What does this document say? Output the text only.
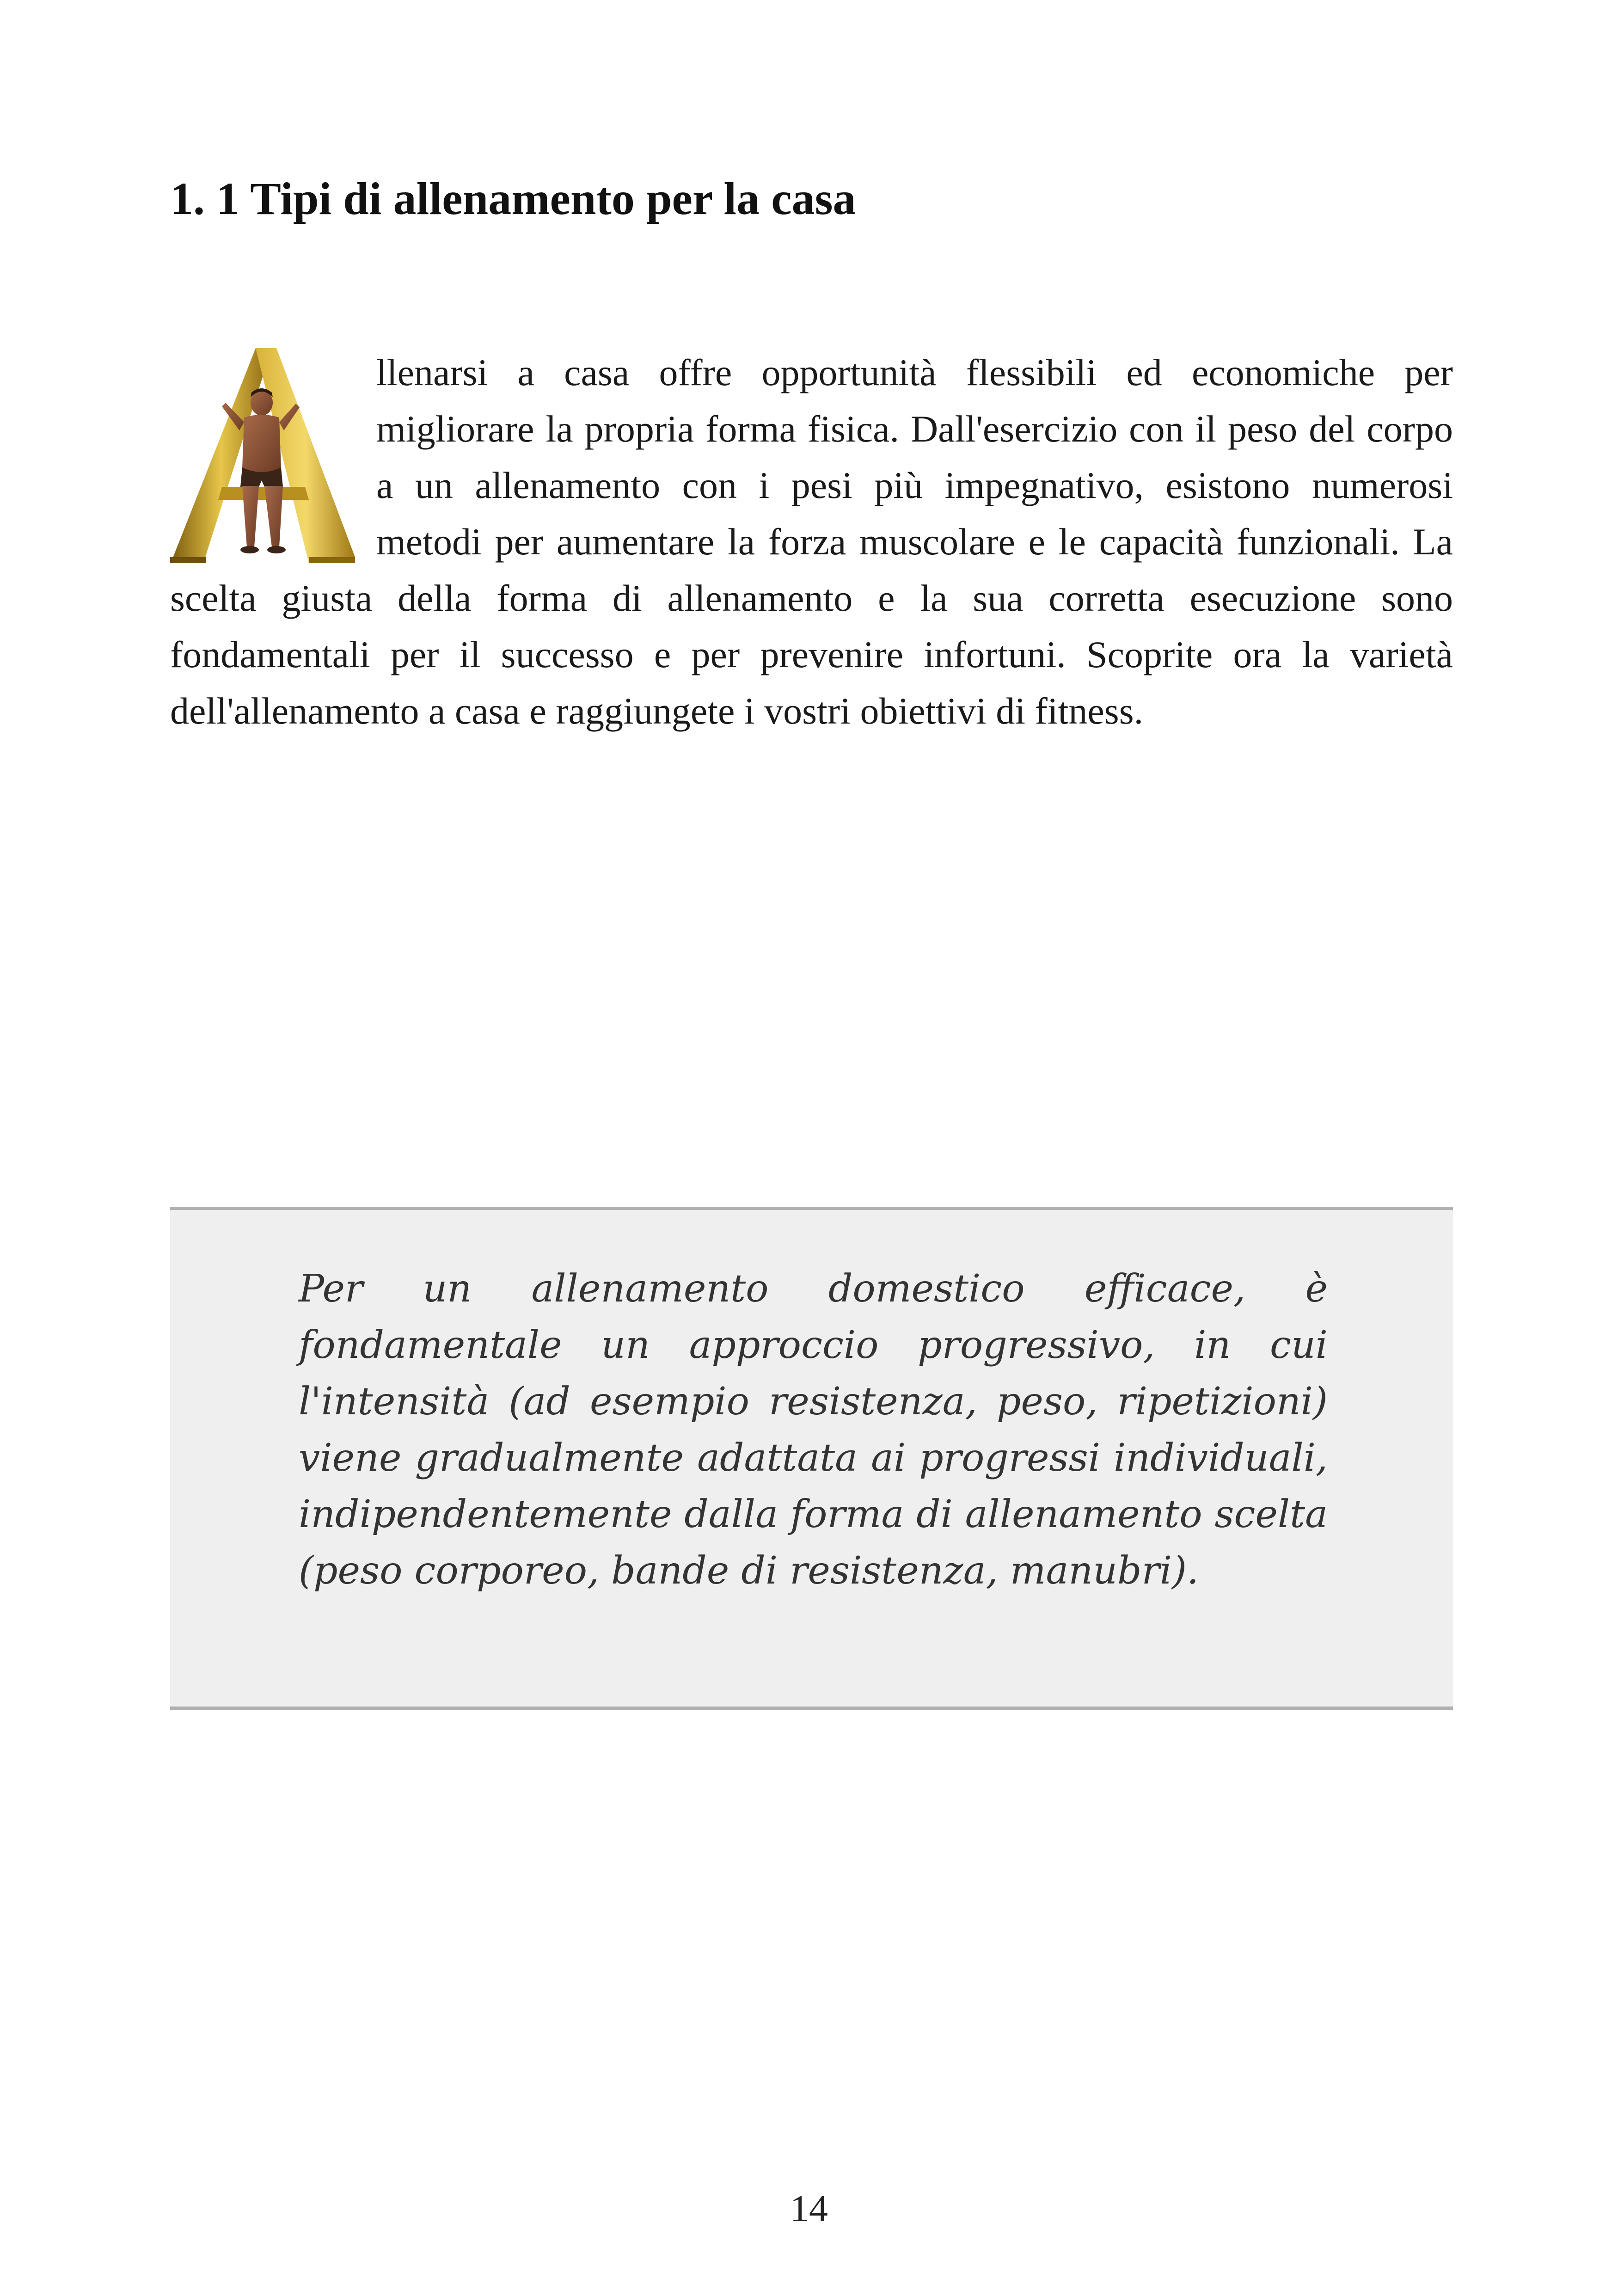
1. 1 Tipi di allenamento per la casa

llenarsi a casa offre opportunità flessibili ed economiche per migliorare la propria forma fisica. Dall'esercizio con il peso del corpo a un allenamento con i pesi più impegnativo, esistono numerosi metodi per aumentare la forza muscolare e le capacità funzionali. La scelta giusta della forma di allenamento e la sua corretta esecuzione sono fondamentali per il successo e per prevenire infortuni. Scoprite ora la varietà dell'allenamento a casa e raggiungete i vostri obiettivi di fitness.

Per un allenamento domestico efficace, è fondamentale un approccio progressivo, in cui l'intensità (ad esempio resistenza, peso, ripetizioni) viene gradualmente adattata ai progressi individuali, indipendentemente dalla forma di allenamento scelta (peso corporeo, bande di resistenza, manubri).

14
